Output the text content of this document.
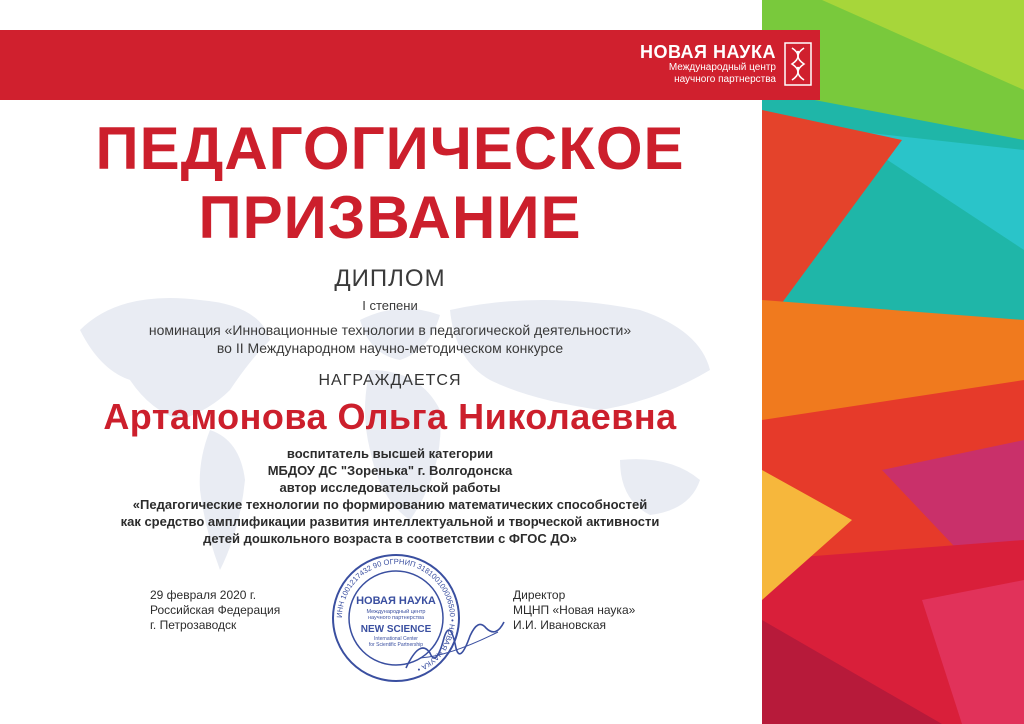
НОВАЯ НАУКА
Международный центр
научного партнерства
ПЕДАГОГИЧЕСКОЕ
ПРИЗВАНИЕ
ДИПЛОМ
I степени
номинация «Инновационные технологии в педагогической деятельности»
во II Международном научно-методическом конкурсе
НАГРАЖДАЕТСЯ
Артамонова Ольга Николаевна
воспитатель высшей категории
МБДОУ ДС "Зоренька" г. Волгодонска
автор исследовательской работы
«Педагогические технологии по формированию математических способностей
как средство амплификации развития интеллектуальной и творческой активности
детей дошкольного возраста в соответствии с ФГОС ДО»
29 февраля 2020 г.
Российская Федерация
г. Петрозаводск
Директор
МЦНП «Новая наука»
И.И. Ивановская
ИНН 1001217432 90 ОГРНИП 318100100006500 • НОВАЯ НАУКА •
НОВАЯ НАУКА
Международный центр
научного партнерства
NEW SCIENCE
International Center
for Scientific Partnership
